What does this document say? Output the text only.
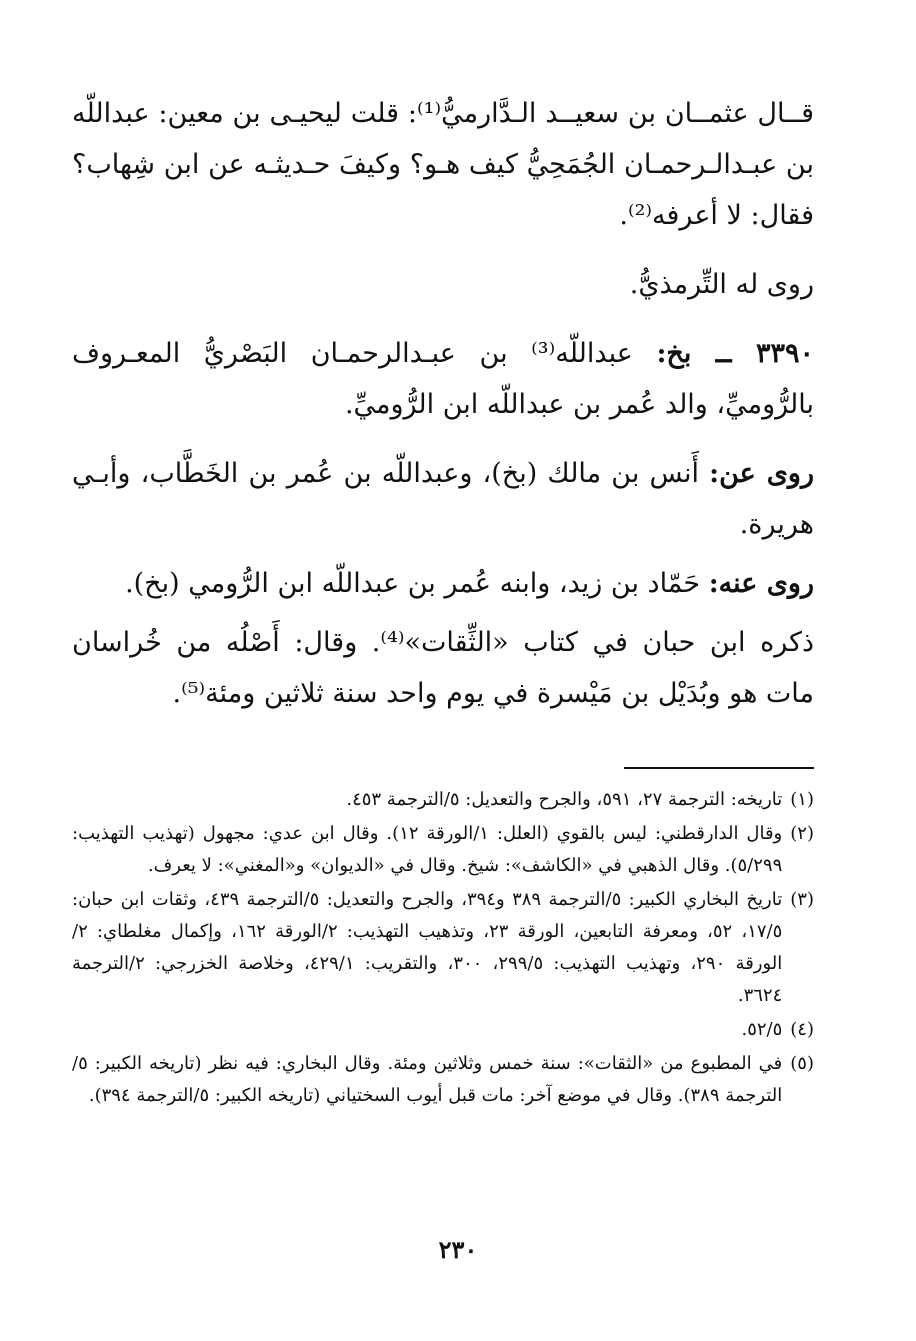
قــال عثمــان بن سعيــد الـدَّارميُّ⁽¹⁾: قلت ليحيـى بن معين: عبداللّه بن عبـدالـرحمـان الجُمَحِيُّ كيف هـو؟ وكيفَ حـديثـه عن ابن شِهاب؟ فقال: لا أعرفه⁽²⁾.

روى له التِّرمذيُّ.

٣٣٩٠ ــ بخ: عبداللّه⁽³⁾ بن عبـدالرحمـان البَصْريُّ المعـروف بالرُّوميِّ، والد عُمر بن عبداللّه ابن الرُّوميِّ.

روى عن: أَنس بن مالك (بخ)، وعبداللّه بن عُمر بن الخَطَّاب، وأبـي هريرة.

روى عنه: حَمّاد بن زيد، وابنه عُمر بن عبداللّه ابن الرُّومي (بخ).

ذكره ابن حبان في كتاب «الثِّقات»⁽⁴⁾. وقال: أَصْلُه من خُراسان مات هو وبُدَيْل بن مَيْسرة في يوم واحد سنة ثلاثين ومئة⁽⁵⁾.

(١)
تاريخه: الترجمة ٢٧، ٥٩١، والجرح والتعديل: ٥/الترجمة ٤٥٣.
(٢)
وقال الدارقطني: ليس بالقوي (العلل: ١/الورقة ١٢). وقال ابن عدي: مجهول (تهذيب التهذيب: ٥/٢٩٩). وقال الذهبي في «الكاشف»: شيخ. وقال في «الديوان» و«المغني»: لا يعرف.
(٣)
تاريخ البخاري الكبير: ٥/الترجمة ٣٨٩ و٣٩٤، والجرح والتعديل: ٥/الترجمة ٤٣٩، وثقات ابن حبان: ١٧/٥، ٥٢، ومعرفة التابعين، الورقة ٢٣، وتذهيب التهذيب: ٢/الورقة ١٦٢، وإكمال مغلطاي: ٢/الورقة ٢٩٠، وتهذيب التهذيب: ٢٩٩/٥، ٣٠٠، والتقريب: ٤٢٩/١، وخلاصة الخزرجي: ٢/الترجمة ٣٦٢٤.
(٤)
٥٢/٥.
(٥)
في المطبوع من «الثقات»: سنة خمس وثلاثين ومئة. وقال البخاري: فيه نظر (تاريخه الكبير: ٥/الترجمة ٣٨٩). وقال في موضع آخر: مات قبل أيوب السختياني (تاريخه الكبير: ٥/الترجمة ٣٩٤).
٢٣٠
